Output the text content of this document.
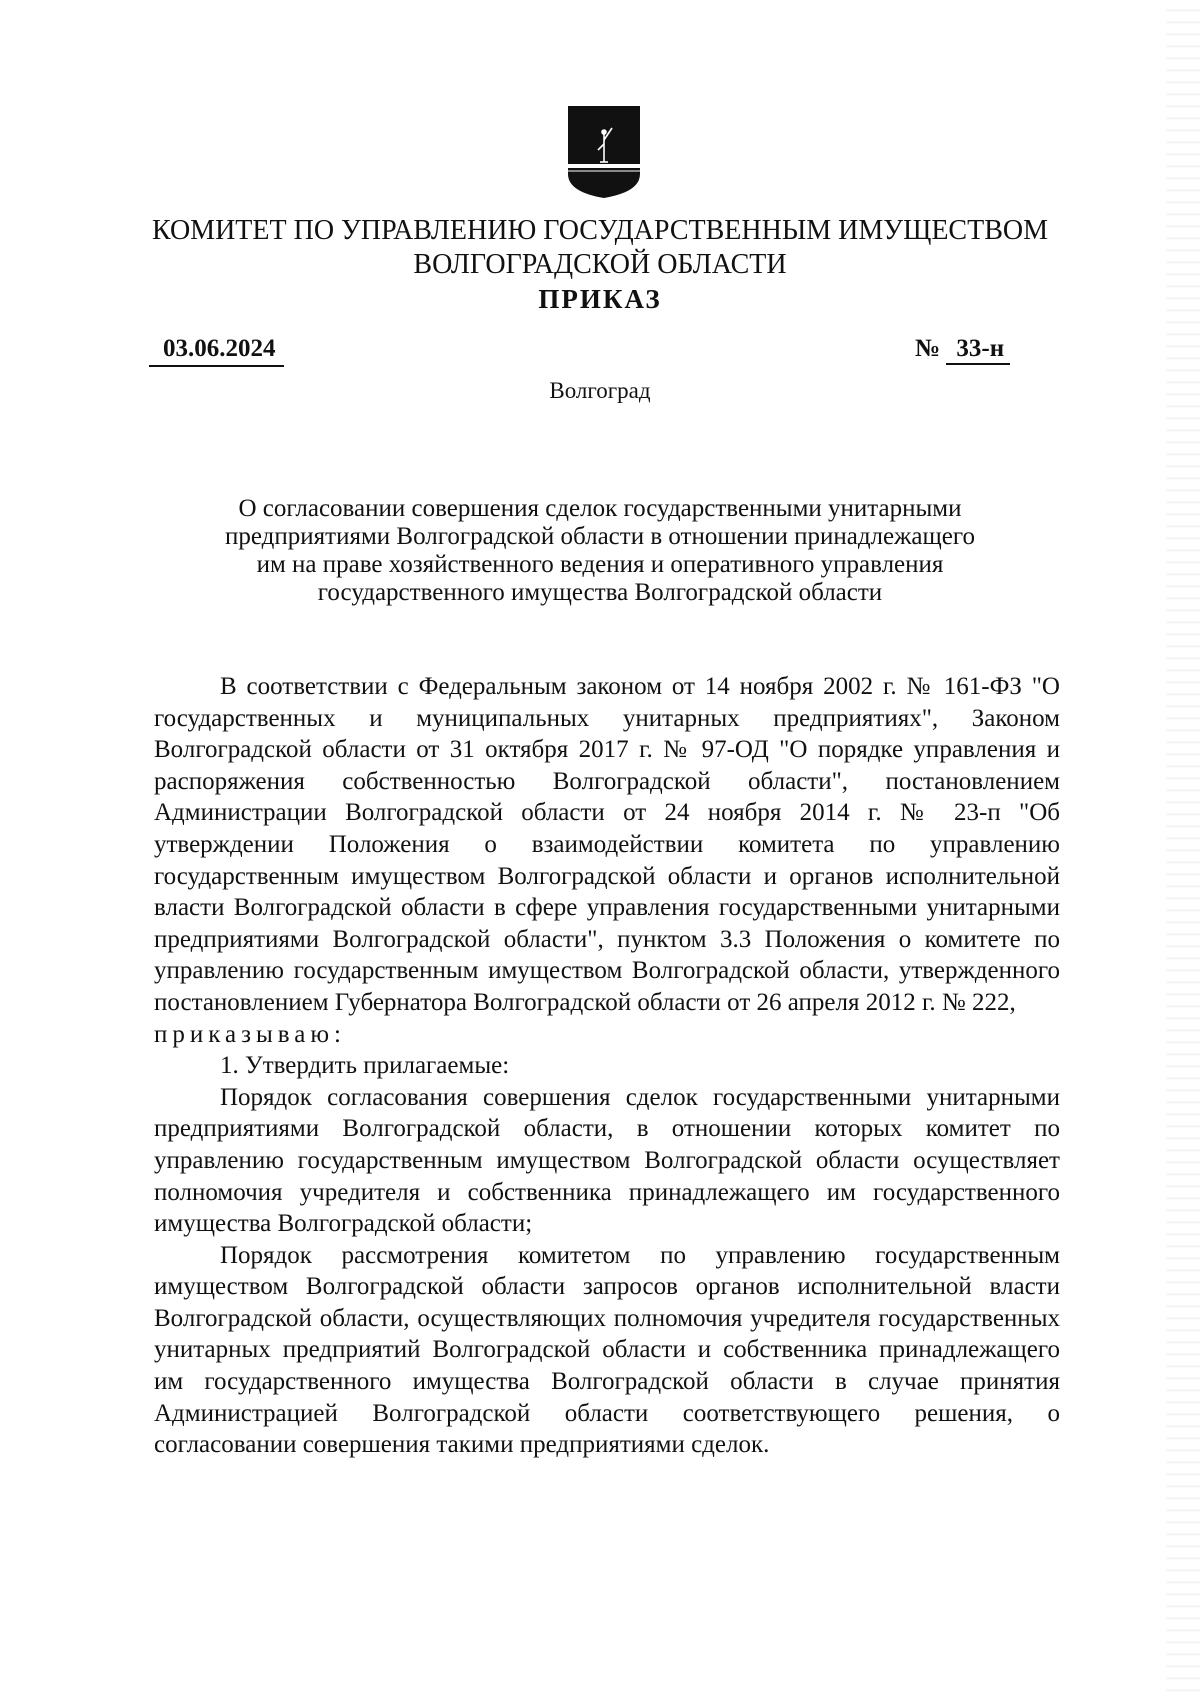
КОМИТЕТ ПО УПРАВЛЕНИЮ ГОСУДАРСТВЕННЫМ ИМУЩЕСТВОМ
ВОЛГОГРАДСКОЙ ОБЛАСТИ
ПРИКАЗ
03.06.2024	№ 33-н
Волгоград
О согласовании совершения сделок государственными унитарными
предприятиями Волгоградской области в отношении принадлежащего
им на праве хозяйственного ведения и оперативного управления
государственного имущества Волгоградской области

В соответствии с Федеральным законом от 14 ноября 2002 г. № 161-ФЗ "О государственных и муниципальных унитарных предприятиях", Законом Волгоградской области от 31 октября 2017 г. № 97-ОД "О порядке управления и распоряжения собственностью Волгоградской области", постановлением Администрации Волгоградской области от 24 ноября 2014 г. № 23-п "Об утверждении Положения о взаимодействии комитета по управлению государственным имуществом Волгоградской области и органов исполнительной власти Волгоградской области в сфере управления государственными унитарными предприятиями Волгоградской области", пунктом 3.3 Положения о комитете по управлению государственным имуществом Волгоградской области, утвержденного постановлением Губернатора Волгоградской области от 26 апреля 2012 г. № 222,

приказываю:

1. Утвердить прилагаемые:

Порядок согласования совершения сделок государственными унитарными предприятиями Волгоградской области, в отношении которых комитет по управлению государственным имуществом Волгоградской области осуществляет полномочия учредителя и собственника принадлежащего им государственного имущества Волгоградской области;

Порядок рассмотрения комитетом по управлению государственным имуществом Волгоградской области запросов органов исполнительной власти Волгоградской области, осуществляющих полномочия учредителя государственных унитарных предприятий Волгоградской области и собственника принадлежащего им государственного имущества Волгоградской области в случае принятия Администрацией Волгоградской области соответствующего решения, о согласовании совершения такими предприятиями сделок.
